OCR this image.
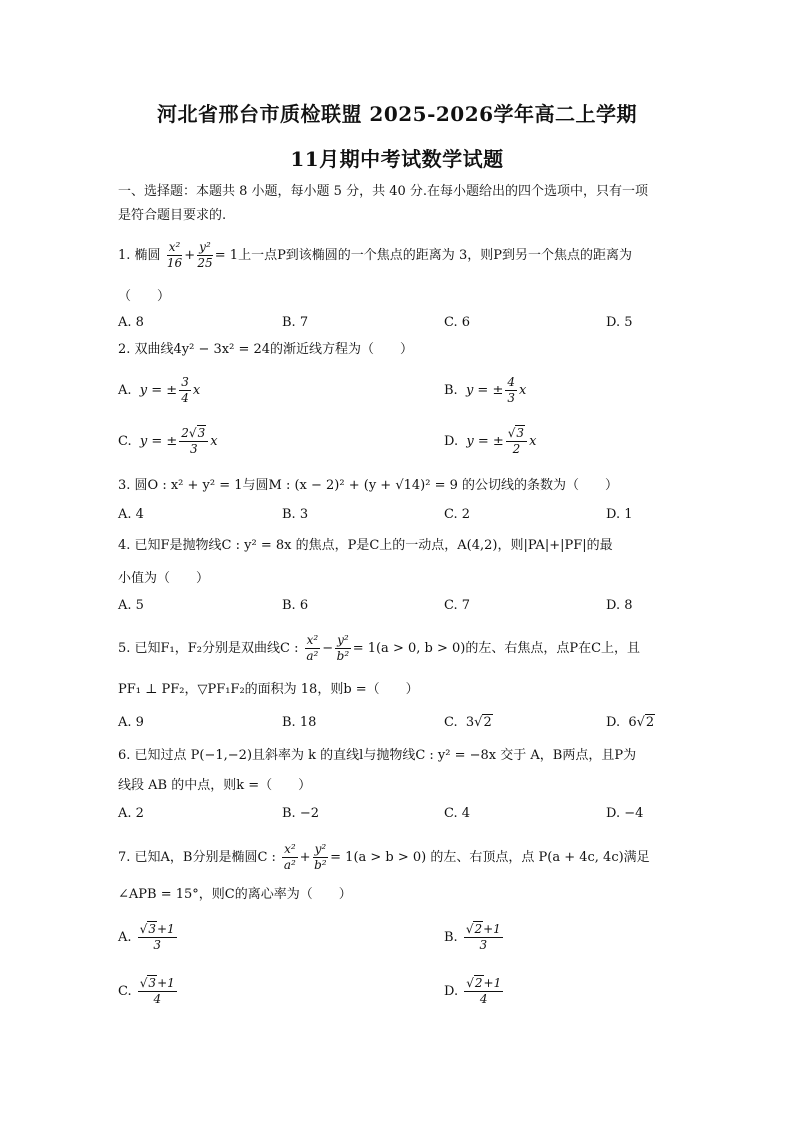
河北省邢台市质检联盟 2025-2026学年高二上学期
11月期中考试数学试题
一、选择题：本题共 8 小题，每小题 5 分，共 40 分.在每小题给出的四个选项中，只有一项
是符合题目要求的.
1. 椭圆 $\frac{\text{x²}}{16} + \frac{\text{y²}}{25} = 1$上一点P到该椭圆的一个焦点的距离为 3，则P到另一个焦点的距离为
（　　）
A. 8	B. 7	C. 6	D. 5
2. 双曲线4y² − 3x² = 24的渐近线方程为（　　）
A.  y = ± $\frac{3}{4}$ x	B.  y = ± $\frac{4}{3}$ x
C.  y = ± $\frac{2√3}{3}$ x	D.  y = ± $\frac{√3}{2}$ x
3. 圆O : x² + y² = 1与圆M : (x − 2)² + (y + √14)² = 9 的公切线的条数为（　　）
A. 4	B. 3	C. 2	D. 1
4. 已知F是抛物线C : y² = 8x 的焦点，P是C上的一动点，A(4,2)，则|PA|+|PF|的最
小值为（　　）
A. 5	B. 6	C. 7	D. 8
5. 已知F₁，F₂分别是双曲线C : $\frac{\text{x²}}{\text{a²}} - \frac{\text{y²}}{\text{b²}} = 1(a > 0$, b > 0)的左、右焦点，点P在C上，且
PF₁ ⊥ PF₂，▽PF₁F₂的面积为 18，则b =（　　）
A. 9	B. 18	C.  3√2	D.  6√2
6. 已知过点 P(−1,−2)且斜率为 k 的直线l与抛物线C : y² = −8x 交于 A，B两点，且P为
线段 AB 的中点，则k =（　　）
A. 2	B. −2	C. 4	D. −4
7. 已知A，B分别是椭圆C : $\frac{\text{x²}}{\text{a²}} + \frac{\text{y²}}{\text{b²}} = 1(a > b > 0)$ 的左、右顶点，点 P(a + 4c, 4c)满足
∠APB = 15°，则C的离心率为（　　）
A. $\frac{√3+1}{3}$	B. $\frac{√2+1}{3}$
C. $\frac{√3+1}{4}$	D. $\frac{√2+1}{4}$
